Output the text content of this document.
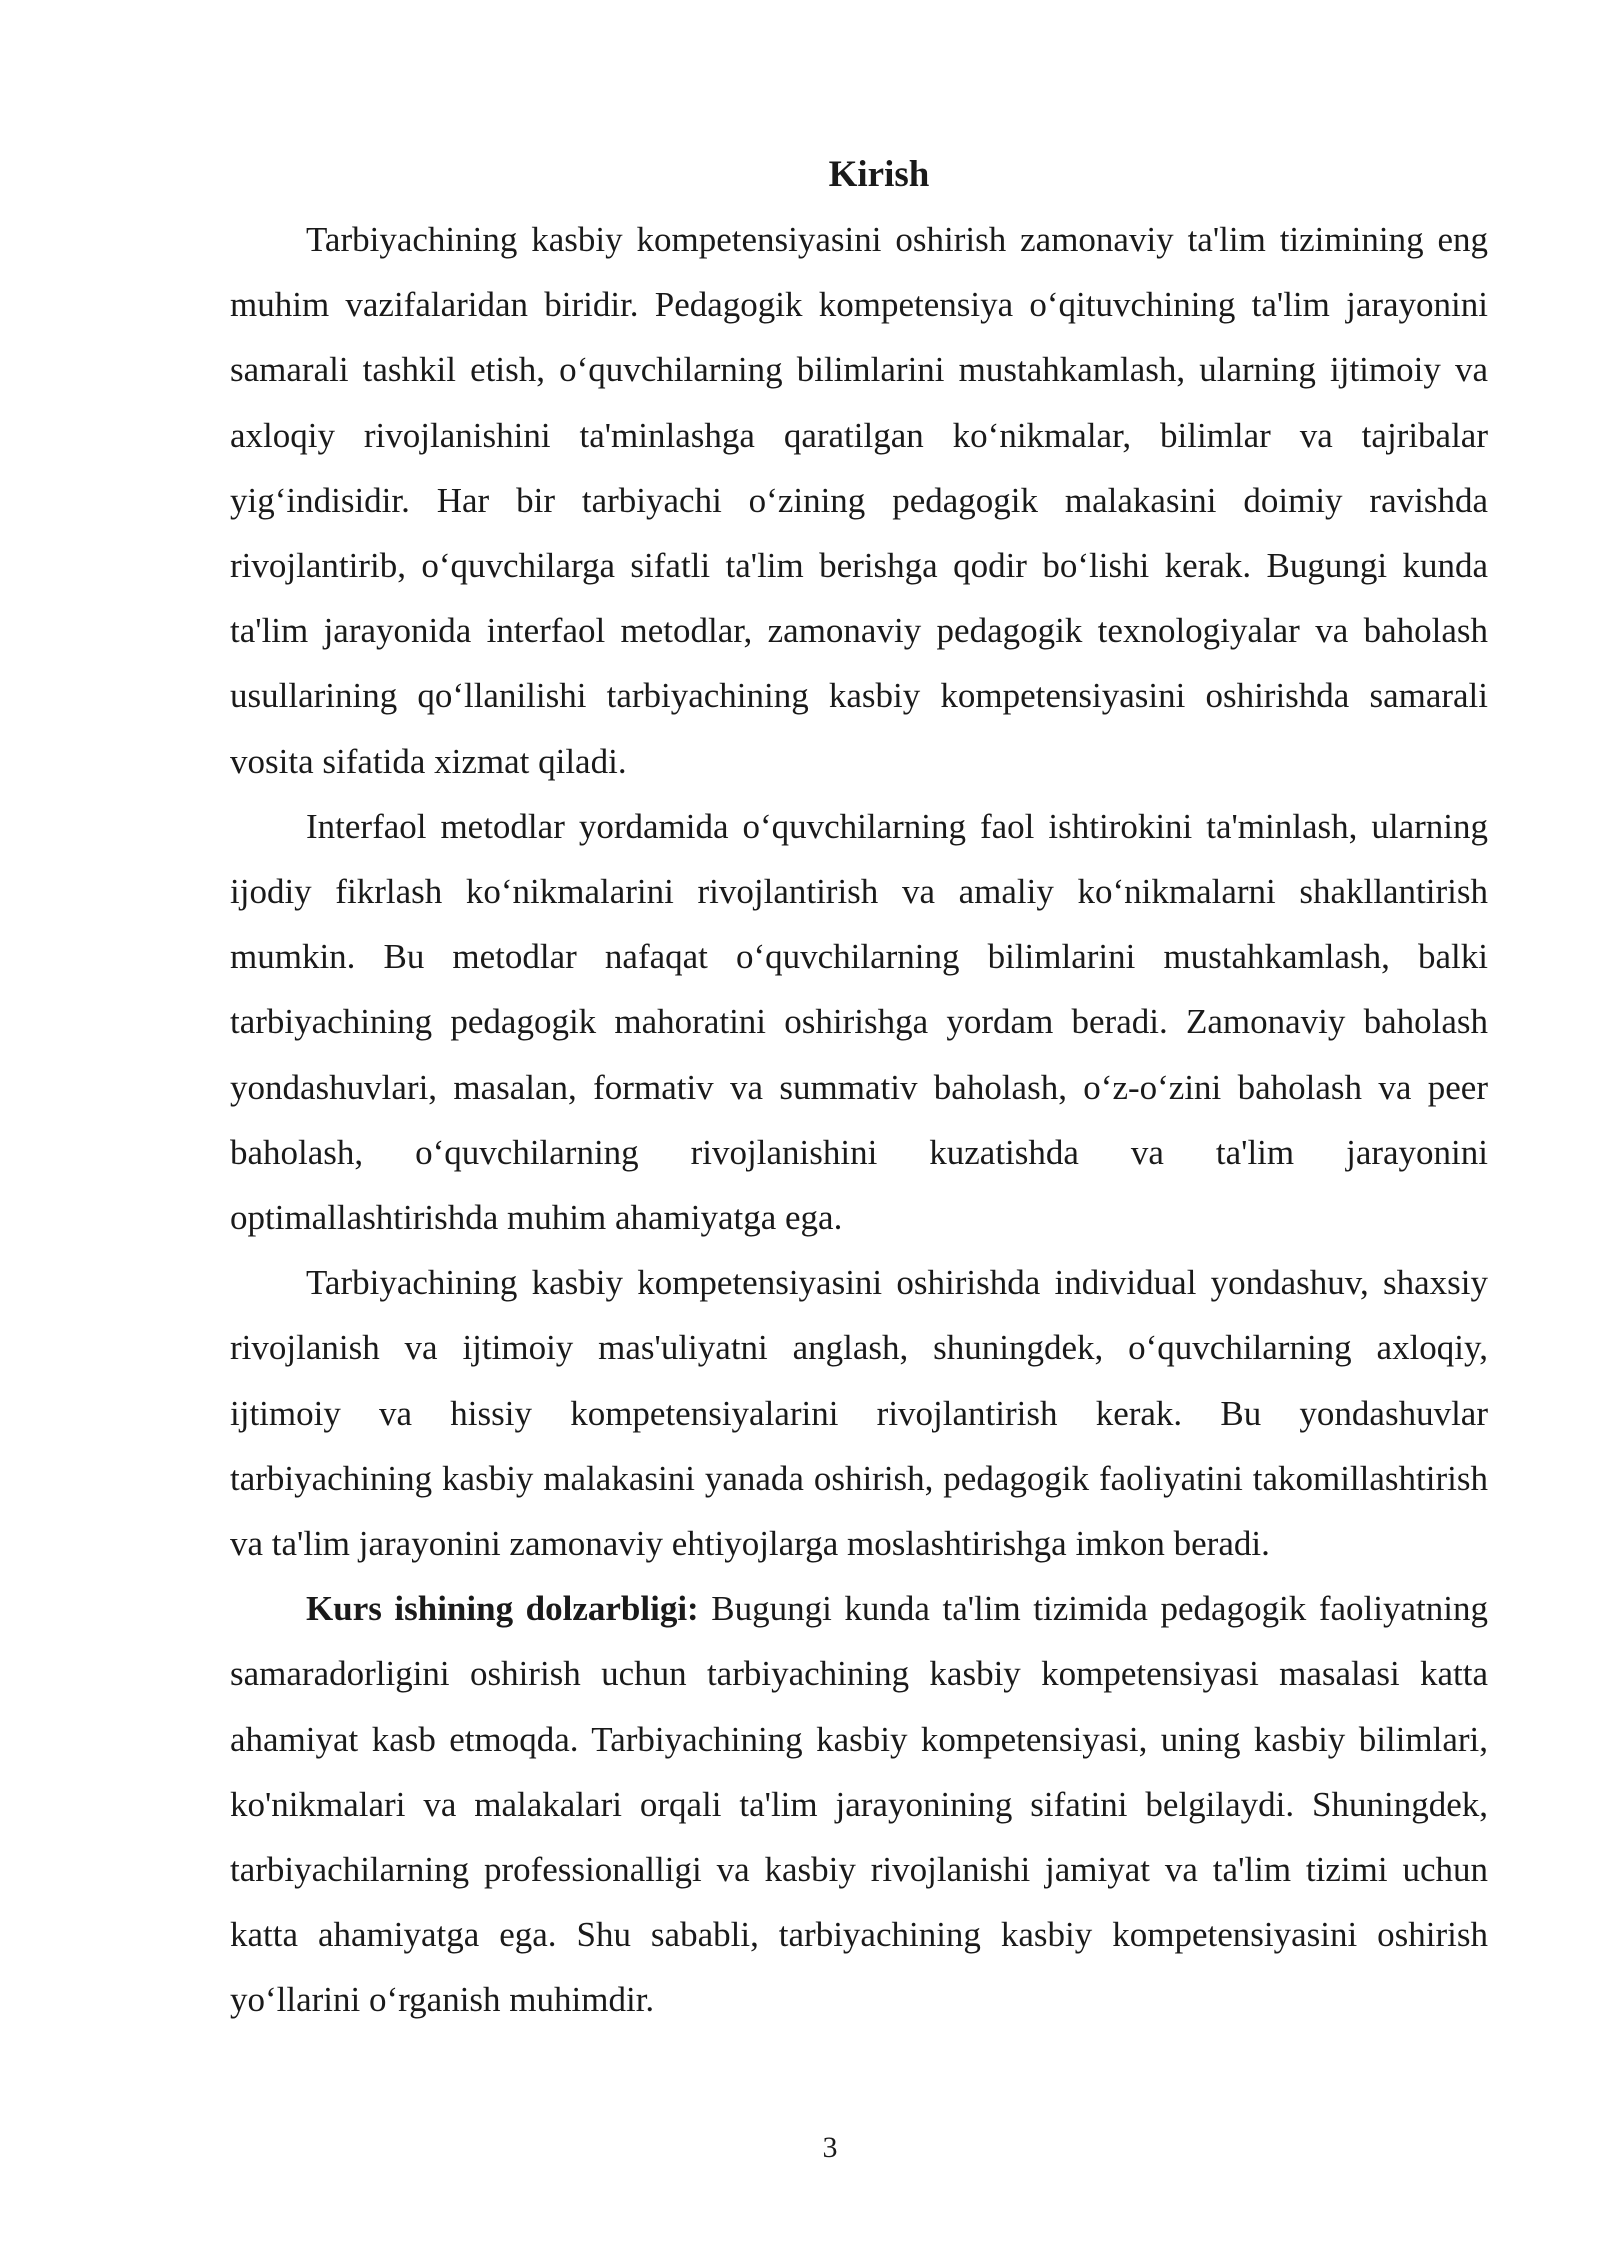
Kirish

Tarbiyachining kasbiy kompetensiyasini oshirish zamonaviy ta'lim tizimining eng muhim vazifalaridan biridir. Pedagogik kompetensiya o‘qituvchining ta'lim jarayonini samarali tashkil etish, o‘quvchilarning bilimlarini mustahkamlash, ularning ijtimoiy va axloqiy rivojlanishini ta'minlashga qaratilgan ko‘nikmalar, bilimlar va tajribalar yig‘indisidir. Har bir tarbiyachi o‘zining pedagogik malakasini doimiy ravishda rivojlantirib, o‘quvchilarga sifatli ta'lim berishga qodir bo‘lishi kerak. Bugungi kunda ta'lim jarayonida interfaol metodlar, zamonaviy pedagogik texnologiyalar va baholash usullarining qo‘llanilishi tarbiyachining kasbiy kompetensiyasini oshirishda samarali vosita sifatida xizmat qiladi.

Interfaol metodlar yordamida o‘quvchilarning faol ishtirokini ta'minlash, ularning ijodiy fikrlash ko‘nikmalarini rivojlantirish va amaliy ko‘nikmalarni shakllantirish mumkin. Bu metodlar nafaqat o‘quvchilarning bilimlarini mustahkamlash, balki tarbiyachining pedagogik mahoratini oshirishga yordam beradi. Zamonaviy baholash yondashuvlari, masalan, formativ va summativ baholash, o‘z-o‘zini baholash va peer baholash, o‘quvchilarning rivojlanishini kuzatishda va ta'lim jarayonini optimallashtirishda muhim ahamiyatga ega.

Tarbiyachining kasbiy kompetensiyasini oshirishda individual yondashuv, shaxsiy rivojlanish va ijtimoiy mas'uliyatni anglash, shuningdek, o‘quvchilarning axloqiy, ijtimoiy va hissiy kompetensiyalarini rivojlantirish kerak. Bu yondashuvlar tarbiyachining kasbiy malakasini yanada oshirish, pedagogik faoliyatini takomillashtirish va ta'lim jarayonini zamonaviy ehtiyojlarga moslashtirishga imkon beradi.

Kurs ishining dolzarbligi: Bugungi kunda ta'lim tizimida pedagogik faoliyatning samaradorligini oshirish uchun tarbiyachining kasbiy kompetensiyasi masalasi katta ahamiyat kasb etmoqda. Tarbiyachining kasbiy kompetensiyasi, uning kasbiy bilimlari, ko'nikmalari va malakalari orqali ta'lim jarayonining sifatini belgilaydi. Shuningdek, tarbiyachilarning professionalligi va kasbiy rivojlanishi jamiyat va ta'lim tizimi uchun katta ahamiyatga ega. Shu sababli, tarbiyachining kasbiy kompetensiyasini oshirish yo‘llarini o‘rganish muhimdir.

3
